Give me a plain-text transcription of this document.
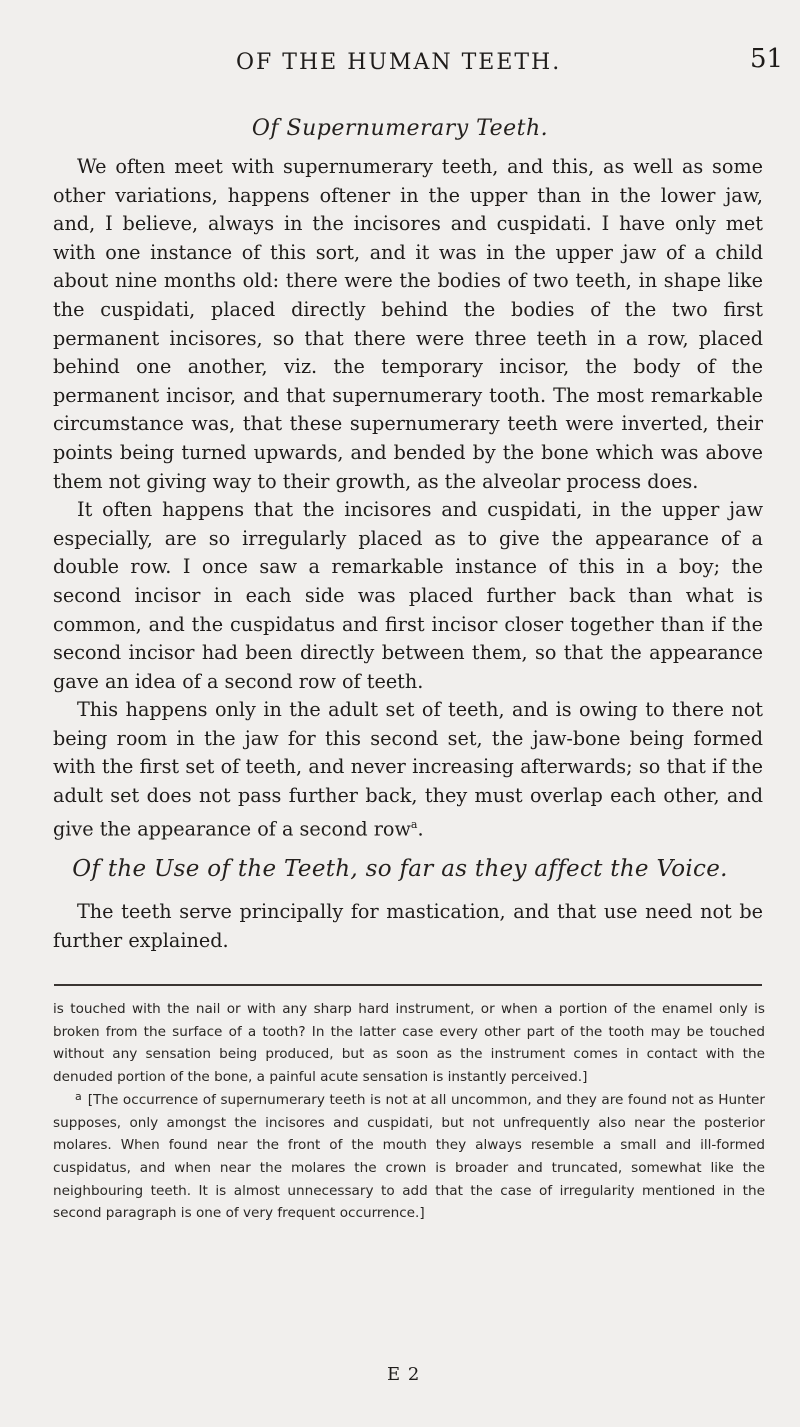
OF THE HUMAN TEETH.	51
Of Supernumerary Teeth.

We often meet with supernumerary teeth, and this, as well as some other variations, happens oftener in the upper than in the lower jaw, and, I believe, always in the incisores and cuspidati. I have only met with one instance of this sort, and it was in the upper jaw of a child about nine months old: there were the bodies of two teeth, in shape like the cuspidati, placed directly behind the bodies of the two first permanent incisores, so that there were three teeth in a row, placed behind one another, viz. the temporary incisor, the body of the permanent incisor, and that supernumerary tooth. The most remarkable circumstance was, that these supernumerary teeth were inverted, their points being turned upwards, and bended by the bone which was above them not giving way to their growth, as the alveolar process does.

It often happens that the incisores and cuspidati, in the upper jaw especially, are so irregularly placed as to give the appearance of a double row. I once saw a remarkable instance of this in a boy; the second incisor in each side was placed further back than what is common, and the cuspidatus and first incisor closer together than if the second incisor had been directly between them, so that the appearance gave an idea of a second row of teeth.

This happens only in the adult set of teeth, and is owing to there not being room in the jaw for this second set, the jaw-bone being formed with the first set of teeth, and never increasing afterwards; so that if the adult set does not pass further back, they must overlap each other, and give the appearance of a second row$^a$.

Of the Use of the Teeth, so far as they affect the Voice.

The teeth serve principally for mastication, and that use need not be further explained.

is touched with the nail or with any sharp hard instrument, or when a portion of the enamel only is broken from the surface of a tooth? In the latter case every other part of the tooth may be touched without any sensation being produced, but as soon as the instrument comes in contact with the denuded portion of the bone, a painful acute sensation is instantly perceived.]

$^a$ [The occurrence of supernumerary teeth is not at all uncommon, and they are found not as Hunter supposes, only amongst the incisores and cuspidati, but not unfrequently also near the posterior molares. When found near the front of the mouth they always resemble a small and ill-formed cuspidatus, and when near the molares the crown is broader and truncated, somewhat like the neighbouring teeth. It is almost unnecessary to add that the case of irregularity mentioned in the second paragraph is one of very frequent occurrence.]

E 2
